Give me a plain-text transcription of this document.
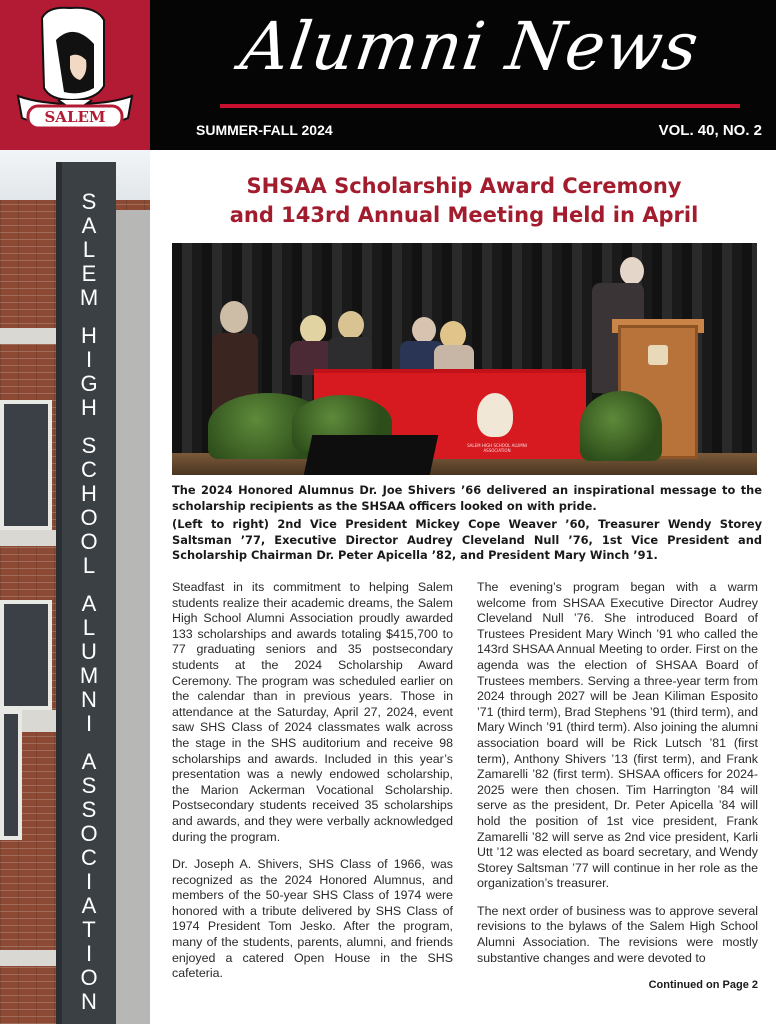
SALEM
Alumni News
SUMMER-FALL 2024	VOL. 40, NO. 2
S
A
L
E
M
H
I
G
H
S
C
H
O
O
L
A
L
U
M
N
I
A
S
S
O
C
I
A
T
I
O
N
SHSAA Scholarship Award Ceremony
and 143rd Annual Meeting Held in April
SALEM HIGH SCHOOL ALUMNI ASSOCIATION

The 2024 Honored Alumnus Dr. Joe Shivers ’66 delivered an inspirational message to the scholarship recipients as the SHSAA officers looked on with pride.

(Left to right) 2nd Vice President Mickey Cope Weaver ’60, Treasurer Wendy Storey Saltsman ’77, Executive Director Audrey Cleveland Null ’76, 1st Vice President and Scholarship Chairman Dr. Peter Apicella ’82, and President Mary Winch ’91.

Steadfast in its commitment to helping Salem students realize their academic dreams, the Salem High School Alumni Association proudly awarded 133 scholarships and awards totaling $415,700 to 77 graduating seniors and 35 postsecondary students at the 2024 Scholarship Award Ceremony. The program was scheduled earlier on the calendar than in previous years. Those in attendance at the Saturday, April 27, 2024, event saw SHS Class of 2024 classmates walk across the stage in the SHS auditorium and receive 98 scholarships and awards. Included in this year’s presentation was a newly endowed scholarship, the Marion Ackerman Vocational Scholarship. Postsecondary students received 35 scholarships and awards, and they were verbally acknowledged during the program.

Dr. Joseph A. Shivers, SHS Class of 1966, was recognized as the 2024 Honored Alumnus, and members of the 50-year SHS Class of 1974 were honored with a tribute delivered by SHS Class of 1974 President Tom Jesko. After the program, many of the students, parents, alumni, and friends enjoyed a catered Open House in the SHS cafeteria.

The evening’s program began with a warm welcome from SHSAA Executive Director Audrey Cleveland Null ’76. She introduced Board of Trustees President Mary Winch ’91 who called the 143rd SHSAA Annual Meeting to order. First on the agenda was the election of SHSAA Board of Trustees members. Serving a three-year term from 2024 through 2027 will be Jean Kiliman Esposito ’71 (third term), Brad Stephens ’91 (third term), and Mary Winch ’91 (third term). Also joining the alumni association board will be Rick Lutsch ’81 (first term), Anthony Shivers ’13 (first term), and Frank Zamarelli ’82 (first term). SHSAA officers for 2024-2025 were then chosen. Tim Harrington ’84 will serve as the president, Dr. Peter Apicella ’84 will hold the position of 1st vice president, Frank Zamarelli ’82 will serve as 2nd vice president, Karli Utt ’12 was elected as board secretary, and Wendy Storey Saltsman ’77 will continue in her role as the organization’s treasurer.

The next order of business was to approve several revisions to the bylaws of the Salem High School Alumni Association. The revisions were mostly substantive changes and were devoted to

Continued on Page 2
